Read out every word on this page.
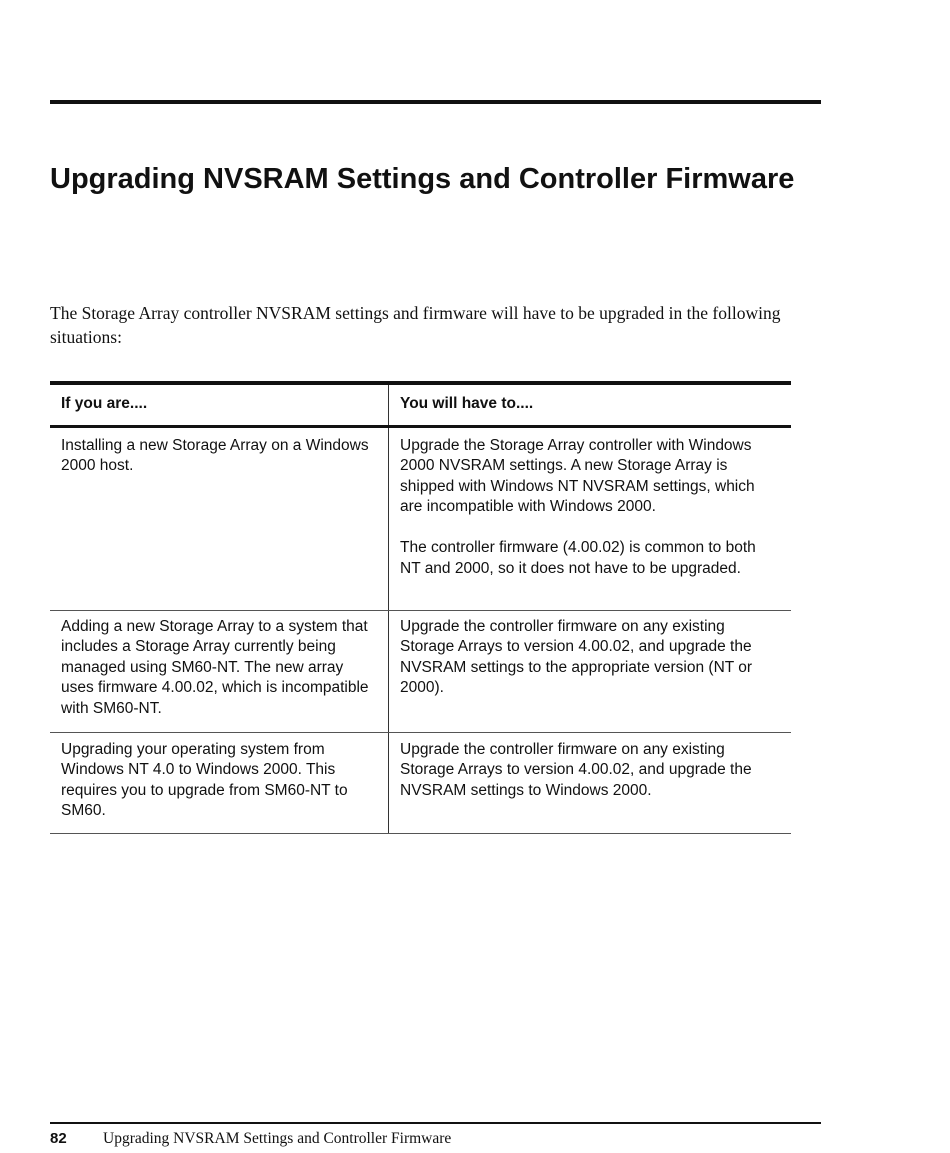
Upgrading NVSRAM Settings and Controller Firmware

The Storage Array controller NVSRAM settings and firmware will have to be upgraded in the following situations:

If you are....	You will have to....

Installing a new Storage Array on a Windows 2000 host.

Upgrade the Storage Array controller with Windows 2000 NVSRAM settings. A new Storage Array is shipped with Windows NT NVSRAM settings, which are incompatible with Windows 2000.

The controller firmware (4.00.02) is common to both NT and 2000, so it does not have to be upgraded.

Adding a new Storage Array to a system that includes a Storage Array currently being managed using SM60-NT. The new array uses firmware 4.00.02, which is incompatible with SM60-NT.

Upgrade the controller firmware on any existing Storage Arrays to version 4.00.02, and upgrade the NVSRAM settings to the appropriate version (NT or 2000).

Upgrading your operating system from Windows NT 4.0 to Windows 2000. This requires you to upgrade from SM60-NT to SM60.

Upgrade the controller firmware on any existing Storage Arrays to version 4.00.02, and upgrade the NVSRAM settings to Windows 2000.

82 Upgrading NVSRAM Settings and Controller Firmware
